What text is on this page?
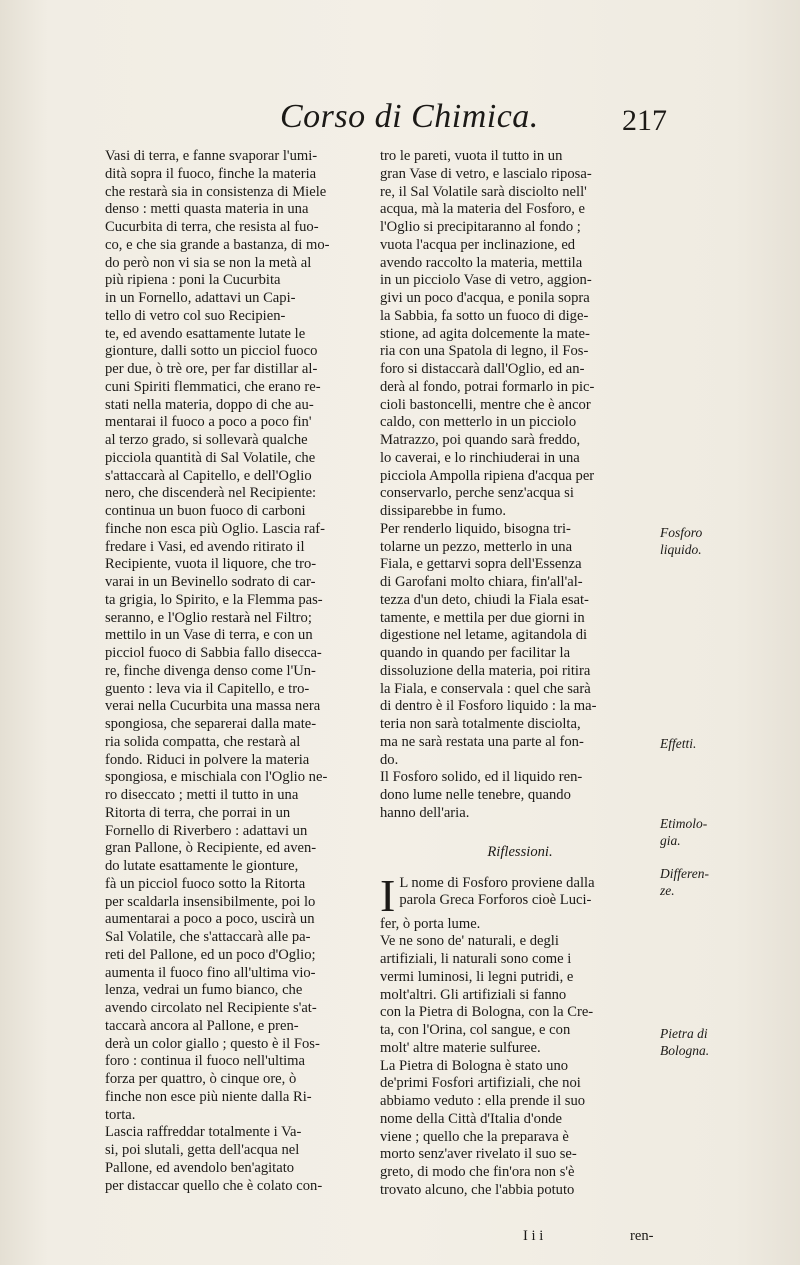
Corso di Chimica.	217
Vasi di terra, e fanne svaporar l'umi-
dità sopra il fuoco, finche la materia
che restarà sia in consistenza di Miele
denso : metti quasta materia in una
Cucurbita di terra, che resista al fuo-
co, e che sia grande a bastanza, di mo-
do però non vi sia se non la metà al
più ripiena : poni la Cucurbita
in un Fornello, adattavi un Capi-
tello di vetro col suo Recipien-
te, ed avendo esattamente lutate le
gionture, dalli sotto un picciol fuoco
per due, ò trè ore, per far distillar al-
cuni Spiriti flemmatici, che erano re-
stati nella materia, doppo di che au-
mentarai il fuoco a poco a poco fin'
al terzo grado, si sollevarà qualche
picciola quantità di Sal Volatile, che
s'attaccarà al Capitello, e dell'Oglio
nero, che discenderà nel Recipiente:
continua un buon fuoco di carboni
finche non esca più Oglio. Lascia raf-
fredare i Vasi, ed avendo ritirato il
Recipiente, vuota il liquore, che tro-
varai in un Bevinello sodrato di car-
ta grigia, lo Spirito, e la Flemma pas-
seranno, e l'Oglio restarà nel Filtro;
mettilo in un Vase di terra, e con un
picciol fuoco di Sabbia fallo disecca-
re, finche divenga denso come l'Un-
guento : leva via il Capitello, e tro-
verai nella Cucurbita una massa nera
spongiosa, che separerai dalla mate-
ria solida compatta, che restarà al
fondo. Riduci in polvere la materia
spongiosa, e mischiala con l'Oglio ne-
ro diseccato ; metti il tutto in una
Ritorta di terra, che porrai in un
Fornello di Riverbero : adattavi un
gran Pallone, ò Recipiente, ed aven-
do lutate esattamente le gionture,
fà un picciol fuoco sotto la Ritorta
per scaldarla insensibilmente, poi lo
aumentarai a poco a poco, uscirà un
Sal Volatile, che s'attaccarà alle pa-
reti del Pallone, ed un poco d'Oglio;
aumenta il fuoco fino all'ultima vio-
lenza, vedrai un fumo bianco, che
avendo circolato nel Recipiente s'at-
taccarà ancora al Pallone, e pren-
derà un color giallo ; questo è il Fos-
foro : continua il fuoco nell'ultima
forza per quattro, ò cinque ore, ò
finche non esce più niente dalla Ri-
torta.
Lascia raffreddar totalmente i Va-
si, poi slutali, getta dell'acqua nel
Pallone, ed avendolo ben'agitato
per distaccar quello che è colato con-
tro le pareti, vuota il tutto in un
gran Vase di vetro, e lascialo riposa-
re, il Sal Volatile sarà disciolto nell'
acqua, mà la materia del Fosforo, e
l'Oglio si precipitaranno al fondo ;
vuota l'acqua per inclinazione, ed
avendo raccolto la materia, mettila
in un picciolo Vase di vetro, aggion-
givi un poco d'acqua, e ponila sopra
la Sabbia, fa sotto un fuoco di dige-
stione, ad agita dolcemente la mate-
ria con una Spatola di legno, il Fos-
foro si distaccarà dall'Oglio, ed an-
derà al fondo, potrai formarlo in pic-
cioli bastoncelli, mentre che è ancor
caldo, con metterlo in un picciolo
Matrazzo, poi quando sarà freddo,
lo caverai, e lo rinchiuderai in una
picciola Ampolla ripiena d'acqua per
conservarlo, perche senz'acqua si
dissiparebbe in fumo.
Per renderlo liquido, bisogna tri-
tolarne un pezzo, metterlo in una
Fiala, e gettarvi sopra dell'Essenza
di Garofani molto chiara, fin'all'al-
tezza d'un deto, chiudi la Fiala esat-
tamente, e mettila per due giorni in
digestione nel letame, agitandola di
quando in quando per facilitar la
dissoluzione della materia, poi ritira
la Fiala, e conservala : quel che sarà
di dentro è il Fosforo liquido : la ma-
teria non sarà totalmente disciolta,
ma ne sarà restata una parte al fon-
do.
Il Fosforo solido, ed il liquido ren-
dono lume nelle tenebre, quando
hanno dell'aria.
Riflessioni.
I L nome di Fosforo proviene dalla
parola Greca Forforos cioè Luci-
fer, ò porta lume.
Ve ne sono de' naturali, e degli
artifiziali, li naturali sono come i
vermi luminosi, li legni putridi, e
molt'altri. Gli artifiziali si fanno
con la Pietra di Bologna, con la Cre-
ta, con l'Orina, col sangue, e con
molt' altre materie sulfuree.
La Pietra di Bologna è stato uno
de'primi Fosfori artifiziali, che noi
abbiamo veduto : ella prende il suo
nome della Città d'Italia d'onde
viene ; quello che la preparava è
morto senz'aver rivelato il suo se-
greto, di modo che fin'ora non s'è
trovato alcuno, che l'abbia potuto
Fosforo
liquido.
Effetti.
Etimolo-
gia.
Differen-
ze.
Pietra di
Bologna.
I i i	ren-
